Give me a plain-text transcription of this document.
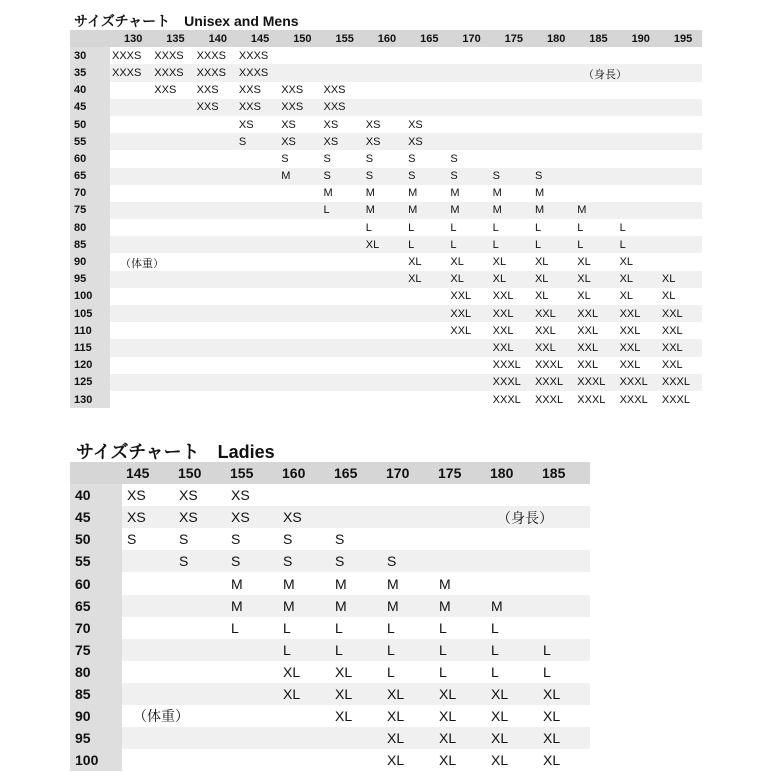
サイズチャート　Unisex and Mens
	130	135	140	145	150	155	160	165	170	175	180	185	190	195
30	XXXS	XXXS	XXXS	XXXS										
35	XXXS	XXXS	XXXS	XXXS										
40		XXS	XXS	XXS	XXS	XXS								
45			XXS	XXS	XXS	XXS								
50				XS	XS	XS	XS	XS						
55				S	XS	XS	XS	XS						
60					S	S	S	S	S					
65					M	S	S	S	S	S	S			
70						M	M	M	M	M	M			
75						L	M	M	M	M	M	M		
80							L	L	L	L	L	L	L	
85							XL	L	L	L	L	L	L	
90								XL	XL	XL	XL	XL	XL	
95								XL	XL	XL	XL	XL	XL	XL
100									XXL	XXL	XL	XL	XL	XL
105									XXL	XXL	XXL	XXL	XXL	XXL
110									XXL	XXL	XXL	XXL	XXL	XXL
115										XXL	XXL	XXL	XXL	XXL
120										XXXL	XXXL	XXL	XXL	XXL
125										XXXL	XXXL	XXXL	XXXL	XXXL
130										XXXL	XXXL	XXXL	XXXL	XXXL
（体重）
（身長）
サイズチャート　Ladies
	145	150	155	160	165	170	175	180	185
40	XS	XS	XS						
45	XS	XS	XS	XS					
50	S	S	S	S	S				
55		S	S	S	S	S			
60			M	M	M	M	M		
65			M	M	M	M	M	M	
70			L	L	L	L	L	L	
75				L	L	L	L	L	L
80				XL	XL	L	L	L	L
85				XL	XL	XL	XL	XL	XL
90					XL	XL	XL	XL	XL
95						XL	XL	XL	XL
100						XL	XL	XL	XL
（体重）
（身長）
